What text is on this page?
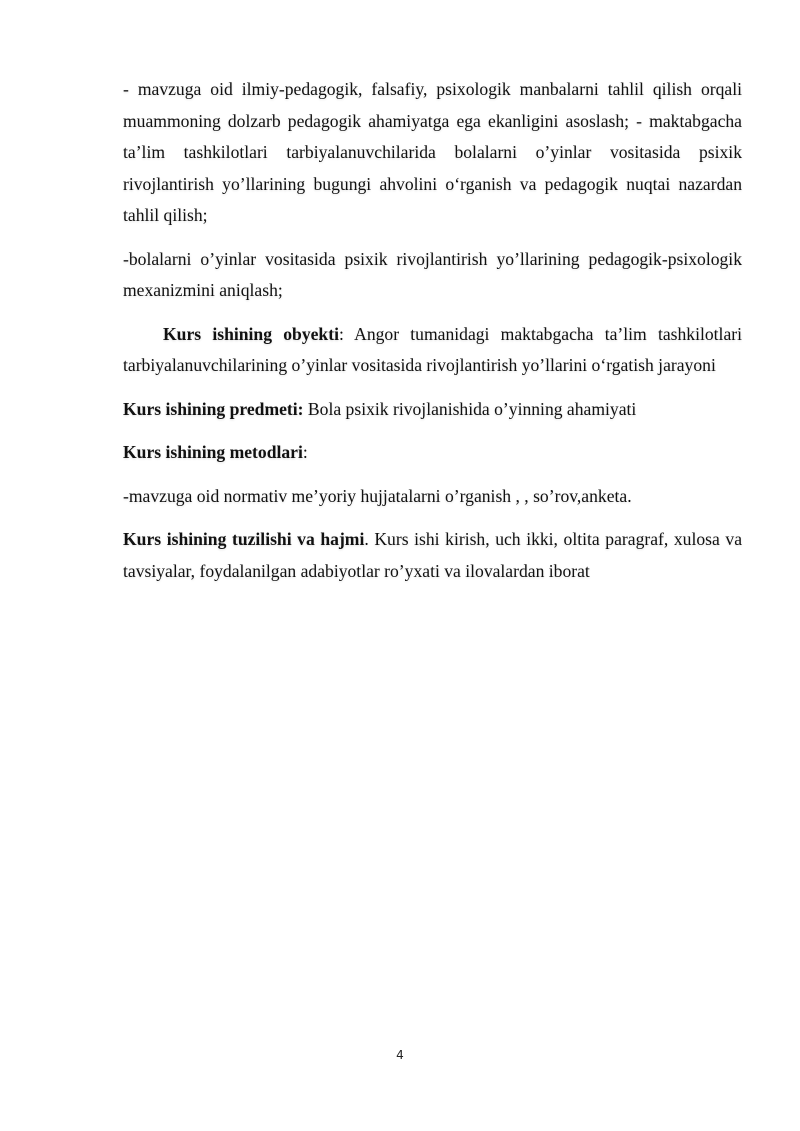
- mavzuga oid ilmiy-pedagogik, falsafiy, psixologik manbalarni tahlil qilish orqali muammoning dolzarb pedagogik ahamiyatga ega ekanligini asoslash; - maktabgacha ta’lim tashkilotlari tarbiyalanuvchilarida bolalarni o’yinlar vositasida psixik rivojlantirish yo’llarining bugungi ahvolini o‘rganish va pedagogik nuqtai nazardan tahlil qilish;

-bolalarni o’yinlar vositasida psixik rivojlantirish yo’llarining pedagogik-psixologik mexanizmini aniqlash;

Kurs ishining obyekti: Angor tumanidagi maktabgacha ta’lim tashkilotlari tarbiyalanuvchilarining o’yinlar vositasida rivojlantirish yo’llarini o‘rgatish jarayoni

Kurs ishining predmeti: Bola psixik rivojlanishida o’yinning ahamiyati

Kurs ishining metodlari:

-mavzuga oid normativ me’yoriy hujjatalarni o’rganish , , so’rov,anketa.

Kurs ishining tuzilishi va hajmi. Kurs ishi kirish, uch ikki, oltita paragraf, xulosa va tavsiyalar, foydalanilgan adabiyotlar ro’yxati va ilovalardan iborat

4
